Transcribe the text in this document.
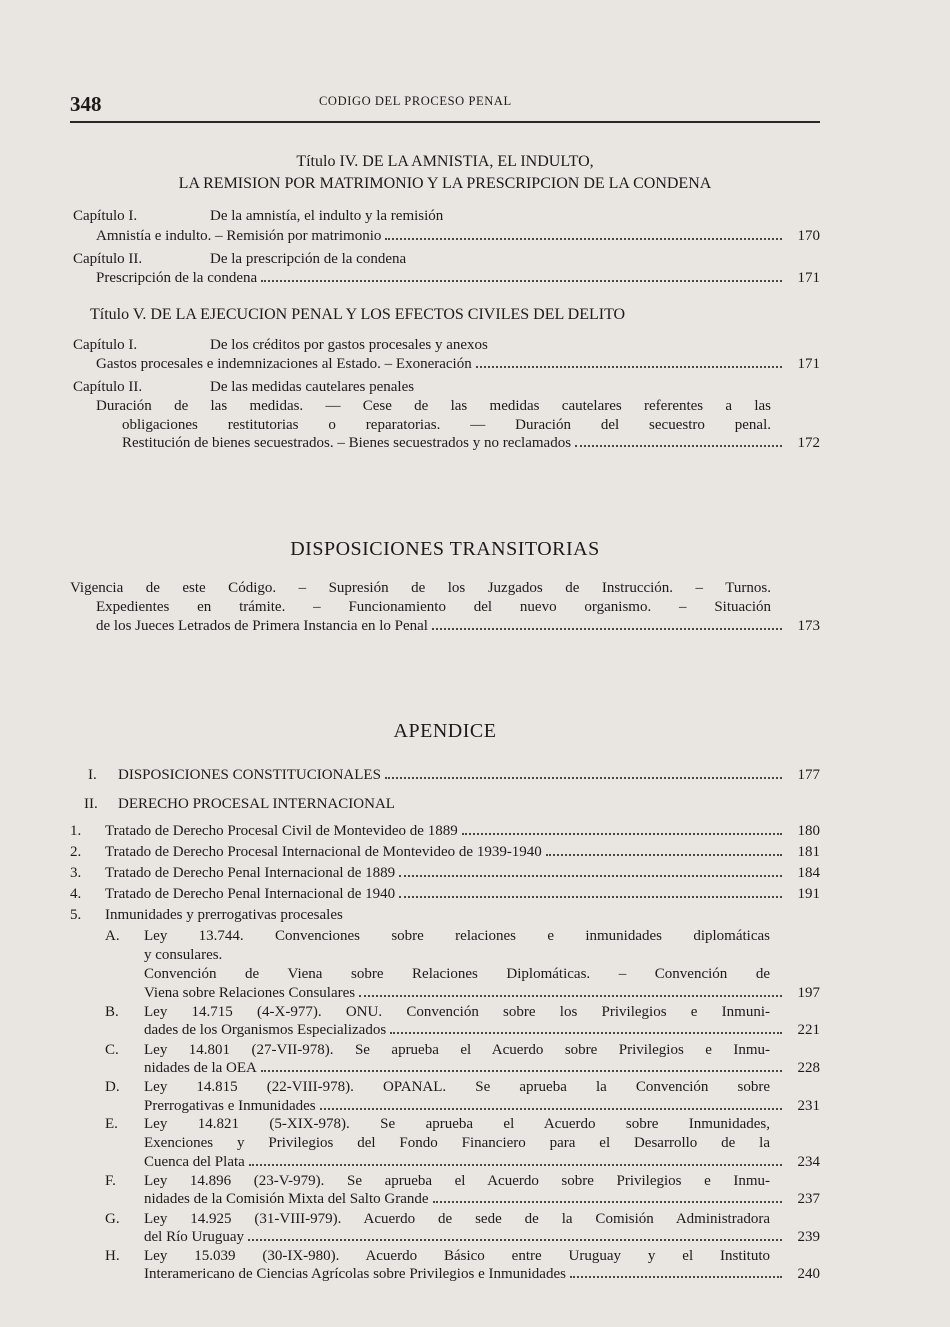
348	CODIGO DEL PROCESO PENAL
Título IV. DE LA AMNISTIA, EL INDULTO,
LA REMISION POR MATRIMONIO Y LA PRESCRIPCION DE LA CONDENA
Capítulo I.	De la amnistía, el indulto y la remisión
Amnistía e indulto. – Remisión por matrimonio	170
Capítulo II.	De la prescripción de la condena
Prescripción de la condena	171
Título V. DE LA EJECUCION PENAL Y LOS EFECTOS CIVILES DEL DELITO
Capítulo I.	De los créditos por gastos procesales y anexos
Gastos procesales e indemnizaciones al Estado. – Exoneración	171
Capítulo II.	De las medidas cautelares penales
Duración de las medidas. — Cese de las medidas cautelares referentes a las
obligaciones restitutorias o reparatorias. — Duración del secuestro penal.
Restitución de bienes secuestrados. – Bienes secuestrados y no reclamados	172
DISPOSICIONES TRANSITORIAS
Vigencia de este Código. – Supresión de los Juzgados de Instrucción. – Turnos.
Expedientes en trámite. – Funcionamiento del nuevo organismo. – Situación
de los Jueces Letrados de Primera Instancia en lo Penal	173
APENDICE
I. DISPOSICIONES CONSTITUCIONALES	177
II. DERECHO PROCESAL INTERNACIONAL
1. Tratado de Derecho Procesal Civil de Montevideo de 1889	180
2. Tratado de Derecho Procesal Internacional de Montevideo de 1939-1940	181
3. Tratado de Derecho Penal Internacional de 1889	184
4. Tratado de Derecho Penal Internacional de 1940	191
5. Inmunidades y prerrogativas procesales
A. Ley 13.744. Convenciones sobre relaciones e inmunidades diplomáticas
y consulares.
Convención de Viena sobre Relaciones Diplomáticas. – Convención de
Viena sobre Relaciones Consulares	197
B. Ley 14.715 (4-X-977). ONU. Convención sobre los Privilegios e Inmuni-
dades de los Organismos Especializados	221
C. Ley 14.801 (27-VII-978). Se aprueba el Acuerdo sobre Privilegios e Inmu-
nidades de la OEA	228
D. Ley 14.815 (22-VIII-978). OPANAL. Se aprueba la Convención sobre
Prerrogativas e Inmunidades	231
E. Ley 14.821 (5-XIX-978). Se aprueba el Acuerdo sobre Inmunidades,
Exenciones y Privilegios del Fondo Financiero para el Desarrollo de la
Cuenca del Plata	234
F. Ley 14.896 (23-V-979). Se aprueba el Acuerdo sobre Privilegios e Inmu-
nidades de la Comisión Mixta del Salto Grande	237
G. Ley 14.925 (31-VIII-979). Acuerdo de sede de la Comisión Administradora
del Río Uruguay	239
H. Ley 15.039 (30-IX-980). Acuerdo Básico entre Uruguay y el Instituto
Interamericano de Ciencias Agrícolas sobre Privilegios e Inmunidades	240
